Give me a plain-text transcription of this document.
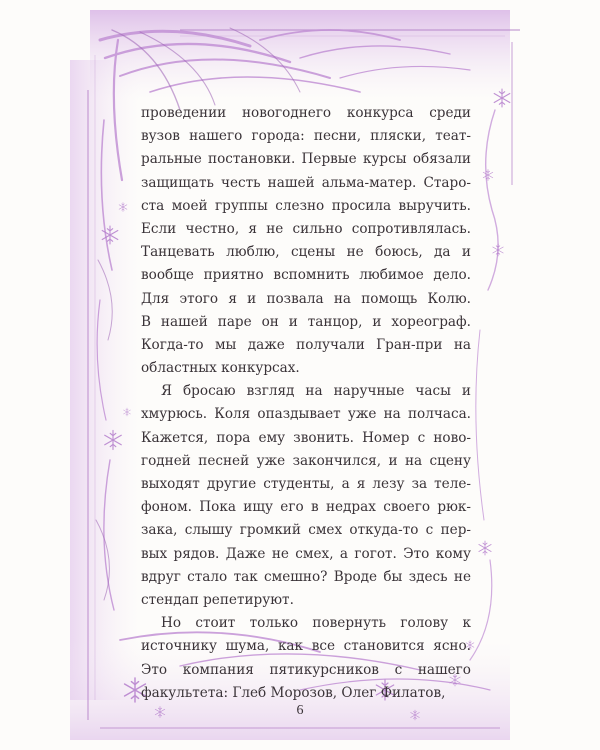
проведении новогоднего конкурса среди
вузов нашего города: песни, пляски, теат-
ральные постановки. Первые курсы обязали
защищать честь нашей альма-матер. Старо-
ста моей группы слезно просила выручить.
Если честно, я не сильно сопротивлялась.
Танцевать люблю, сцены не боюсь, да и
вообще приятно вспомнить любимое дело.
Для этого я и позвала на помощь Колю.
В нашей паре он и танцор, и хореограф.
Когда-то мы даже получали Гран-при на
областных конкурсах.
Я бросаю взгляд на наручные часы и
хмурюсь. Коля опаздывает уже на полчаса.
Кажется, пора ему звонить. Номер с ново-
годней песней уже закончился, и на сцену
выходят другие студенты, а я лезу за теле-
фоном. Пока ищу его в недрах своего рюк-
зака, слышу громкий смех откуда-то с пер-
вых рядов. Даже не смех, а гогот. Это кому
вдруг стало так смешно? Вроде бы здесь не
стендап репетируют.
Но стоит только повернуть голову к
источнику шума, как все становится ясно.
Это компания пятикурсников с нашего
факультета: Глеб Морозов, Олег Филатов,
6
